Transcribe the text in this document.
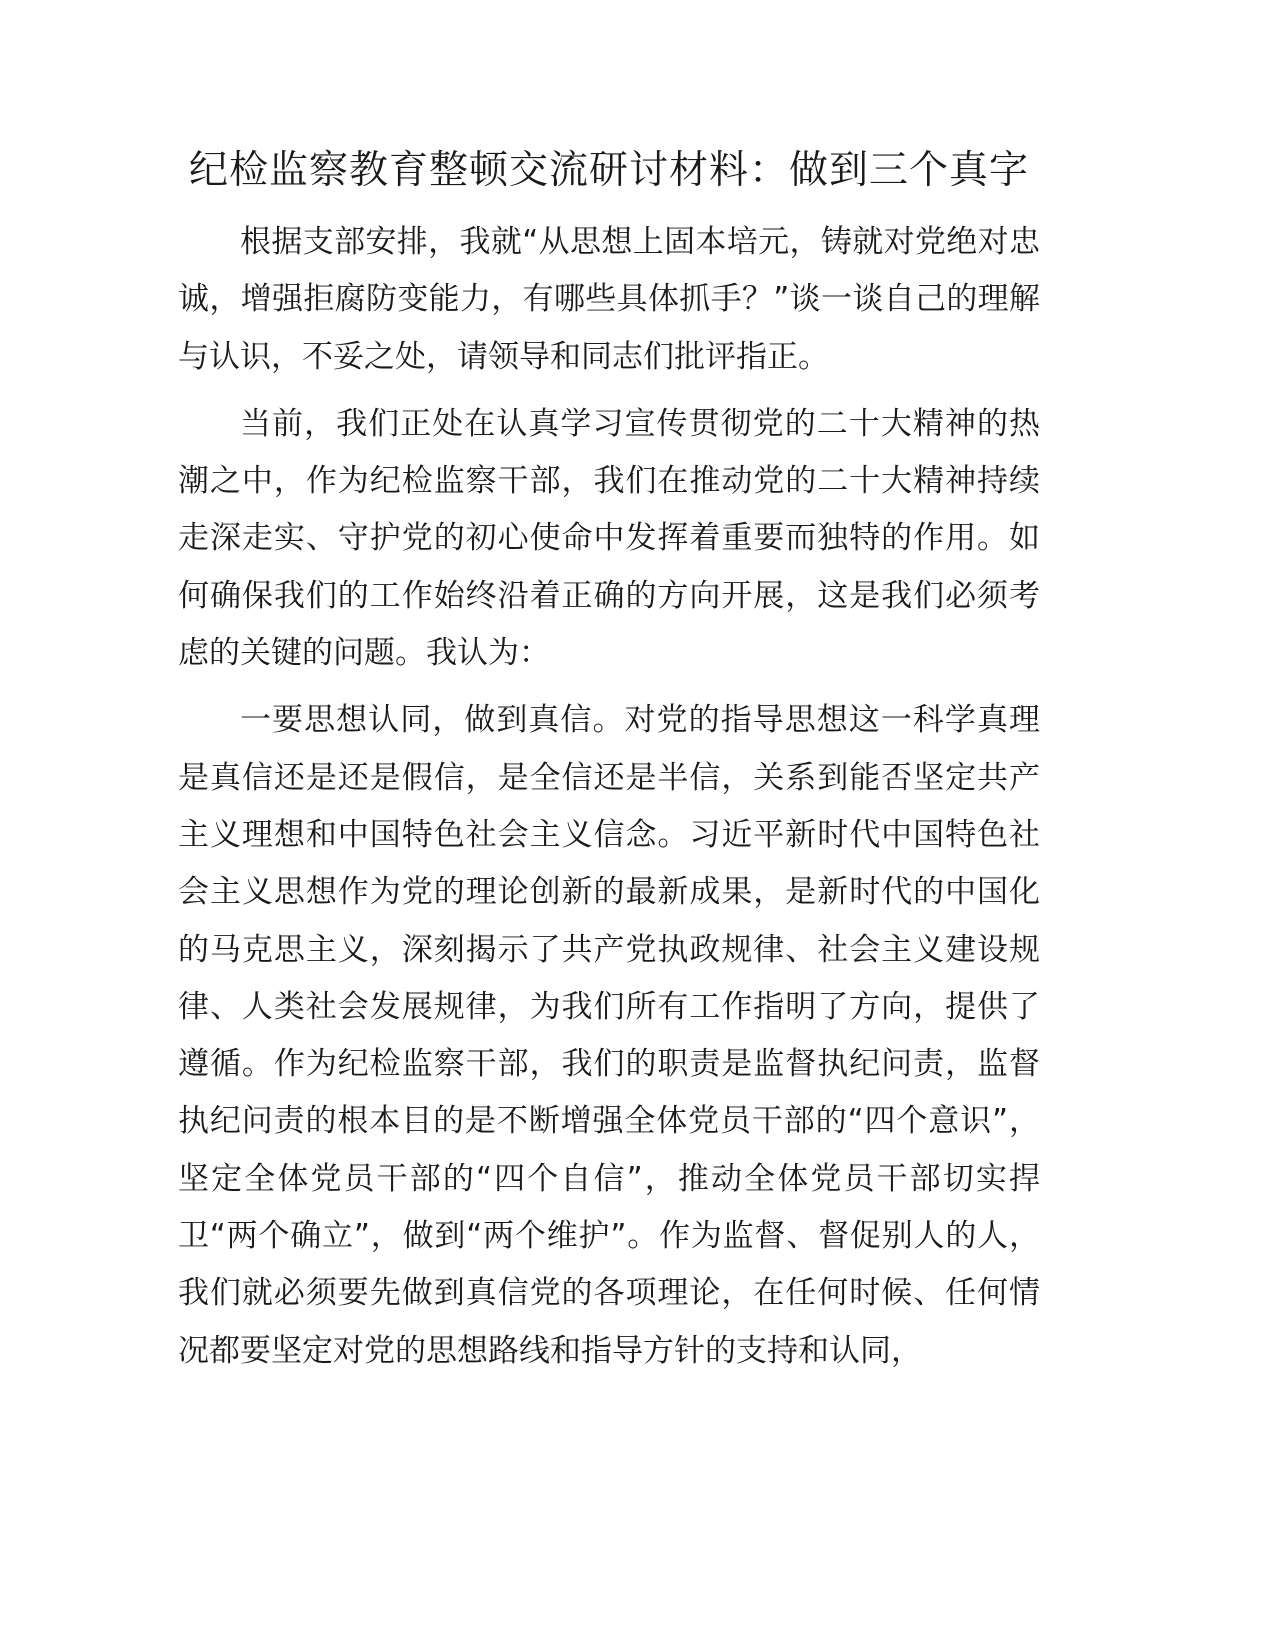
纪检监察教育整顿交流研讨材料：做到三个真字

根据支部安排，我就“从思想上固本培元，铸就对党绝对忠诚，增强拒腐防变能力，有哪些具体抓手？”谈一谈自己的理解与认识，不妥之处，请领导和同志们批评指正。

当前，我们正处在认真学习宣传贯彻党的二十大精神的热潮之中，作为纪检监察干部，我们在推动党的二十大精神持续走深走实、守护党的初心使命中发挥着重要而独特的作用。如何确保我们的工作始终沿着正确的方向开展，这是我们必须考虑的关键的问题。我认为：

一要思想认同，做到真信。对党的指导思想这一科学真理是真信还是还是假信，是全信还是半信，关系到能否坚定共产主义理想和中国特色社会主义信念。习近平新时代中国特色社会主义思想作为党的理论创新的最新成果，是新时代的中国化的马克思主义，深刻揭示了共产党执政规律、社会主义建设规律、人类社会发展规律，为我们所有工作指明了方向，提供了遵循。作为纪检监察干部，我们的职责是监督执纪问责，监督执纪问责的根本目的是不断增强全体党员干部的“四个意识”，坚定全体党员干部的“四个自信”，推动全体党员干部切实捍卫“两个确立”，做到“两个维护”。作为监督、督促别人的人，我们就必须要先做到真信党的各项理论，在任何时候、任何情况都要坚定对党的思想路线和指导方针的支持和认同，
